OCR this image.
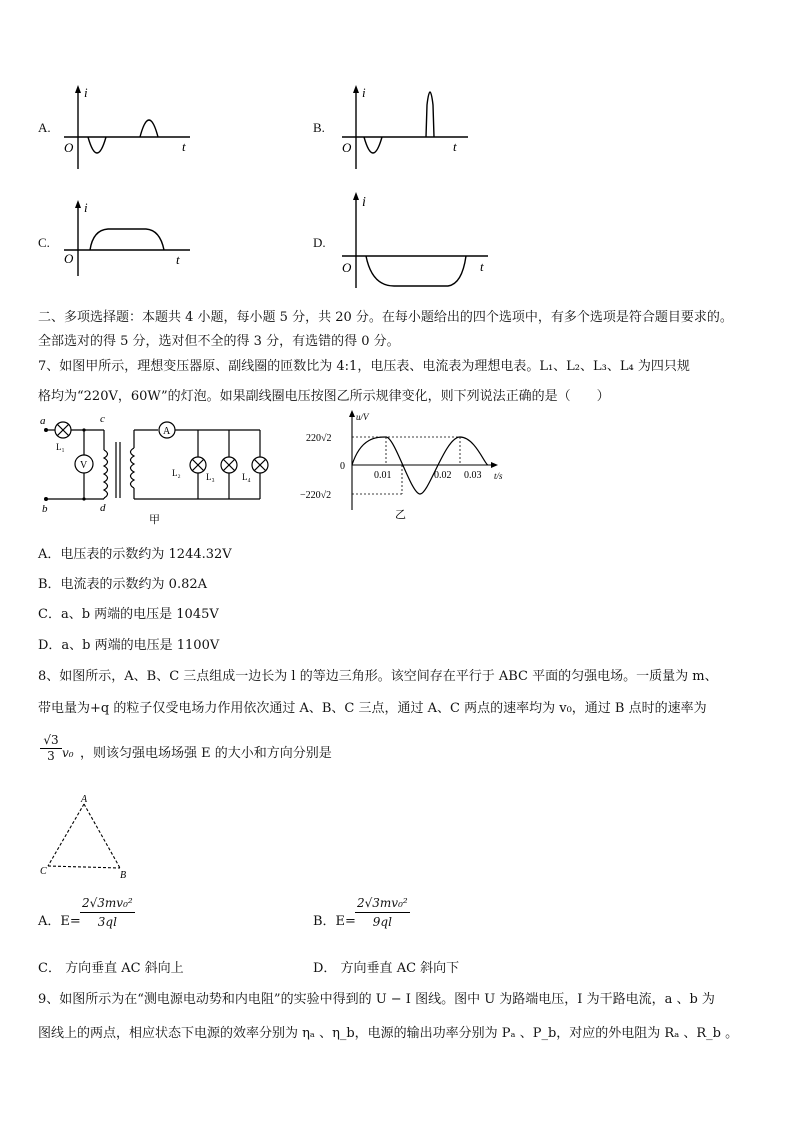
A.
i
t
O
B.
i
t
O
C.
i
t
O
D.
i
t
O
二、多项选择题：本题共 4 小题，每小题 5 分，共 20 分。在每小题给出的四个选项中，有多个选项是符合题目要求的。
全部选对的得 5 分，选对但不全的得 3 分，有选错的得 0 分。
7、如图甲所示，理想变压器原、副线圈的匝数比为 4:1，电压表、电流表为理想电表。L₁、L₂、L₃、L₄ 为四只规
格均为“220V，60W”的灯泡。如果副线圈电压按图乙所示规律变化，则下列说法正确的是（　　）
a
b
c
d
L₁
V
A
L₂	L₃	L₄
甲
u/V
t/s
220√2
0
−220√2
0.01	0.02 0.03
乙
A．电压表的示数约为 1244.32V
B．电流表的示数约为 0.82A
C．a、b 两端的电压是 1045V
D．a、b 两端的电压是 1100V
8、如图所示，A、B、C 三点组成一边长为 l 的等边三角形。该空间存在平行于 ABC 平面的匀强电场。一质量为 m、
带电量为+q 的粒子仅受电场力作用依次通过 A、B、C 三点，通过 A、C 两点的速率均为 v₀，通过 B 点时的速率为
$\frac{√3}{3} v_0$ ，则该匀强电场场强 E 的大小和方向分别是
A
C	B
A．$E= \frac{\text{2√3mv₀²}}{3ql}$	B．$E= \frac{\text{2√3mv₀²}}{9ql}$
C． 方向垂直 AC 斜向上	D． 方向垂直 AC 斜向下
9、如图所示为在“测电源电动势和内电阻”的实验中得到的 U − I 图线。图中 U 为路端电压，I 为干路电流，a 、b 为
图线上的两点，相应状态下电源的效率分别为 ηₐ 、η_b，电源的输出功率分别为 Pₐ 、P_b，对应的外电阻为 Rₐ 、R_b 。
